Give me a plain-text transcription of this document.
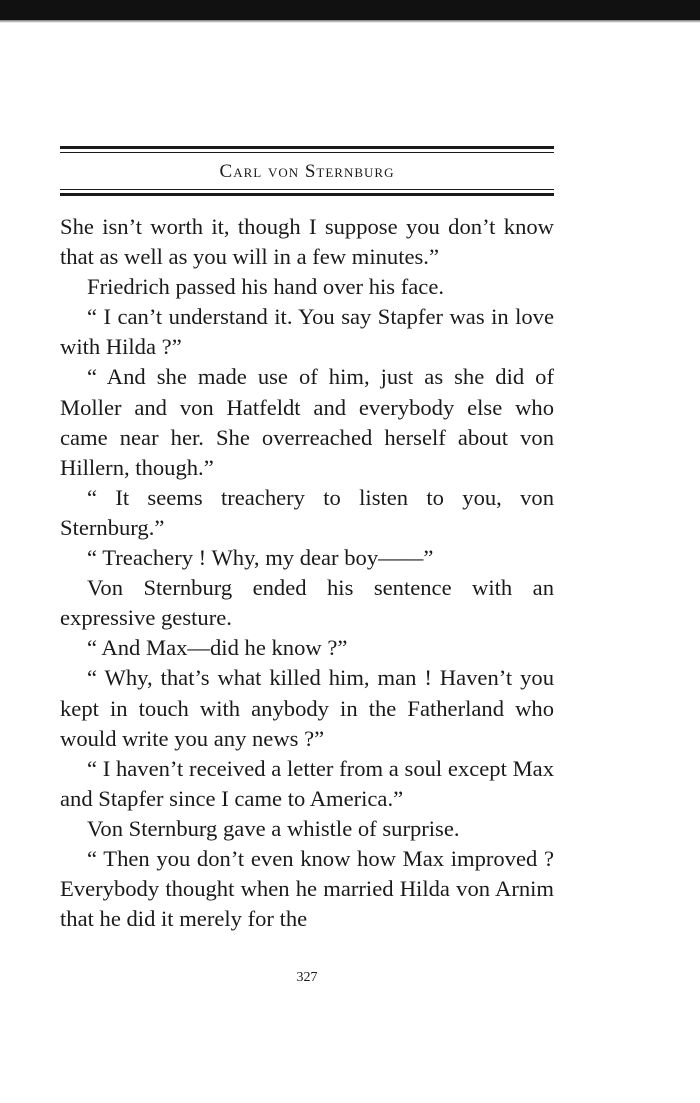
Carl von Sternburg

She isn’t worth it, though I suppose you don’t know that as well as you will in a few minutes.”

Friedrich passed his hand over his face.

“ I can’t understand it. You say Stapfer was in love with Hilda ?”

“ And she made use of him, just as she did of Moller and von Hatfeldt and everybody else who came near her. She overreached herself about von Hillern, though.”

“ It seems treachery to listen to you, von Sternburg.”

“ Treachery ! Why, my dear boy——”

Von Sternburg ended his sentence with an expressive gesture.

“ And Max—did he know ?”

“ Why, that’s what killed him, man ! Haven’t you kept in touch with anybody in the Fatherland who would write you any news ?”

“ I haven’t received a letter from a soul except Max and Stapfer since I came to America.”

Von Sternburg gave a whistle of surprise.

“ Then you don’t even know how Max improved ? Everybody thought when he married Hilda von Arnim that he did it merely for the

327
